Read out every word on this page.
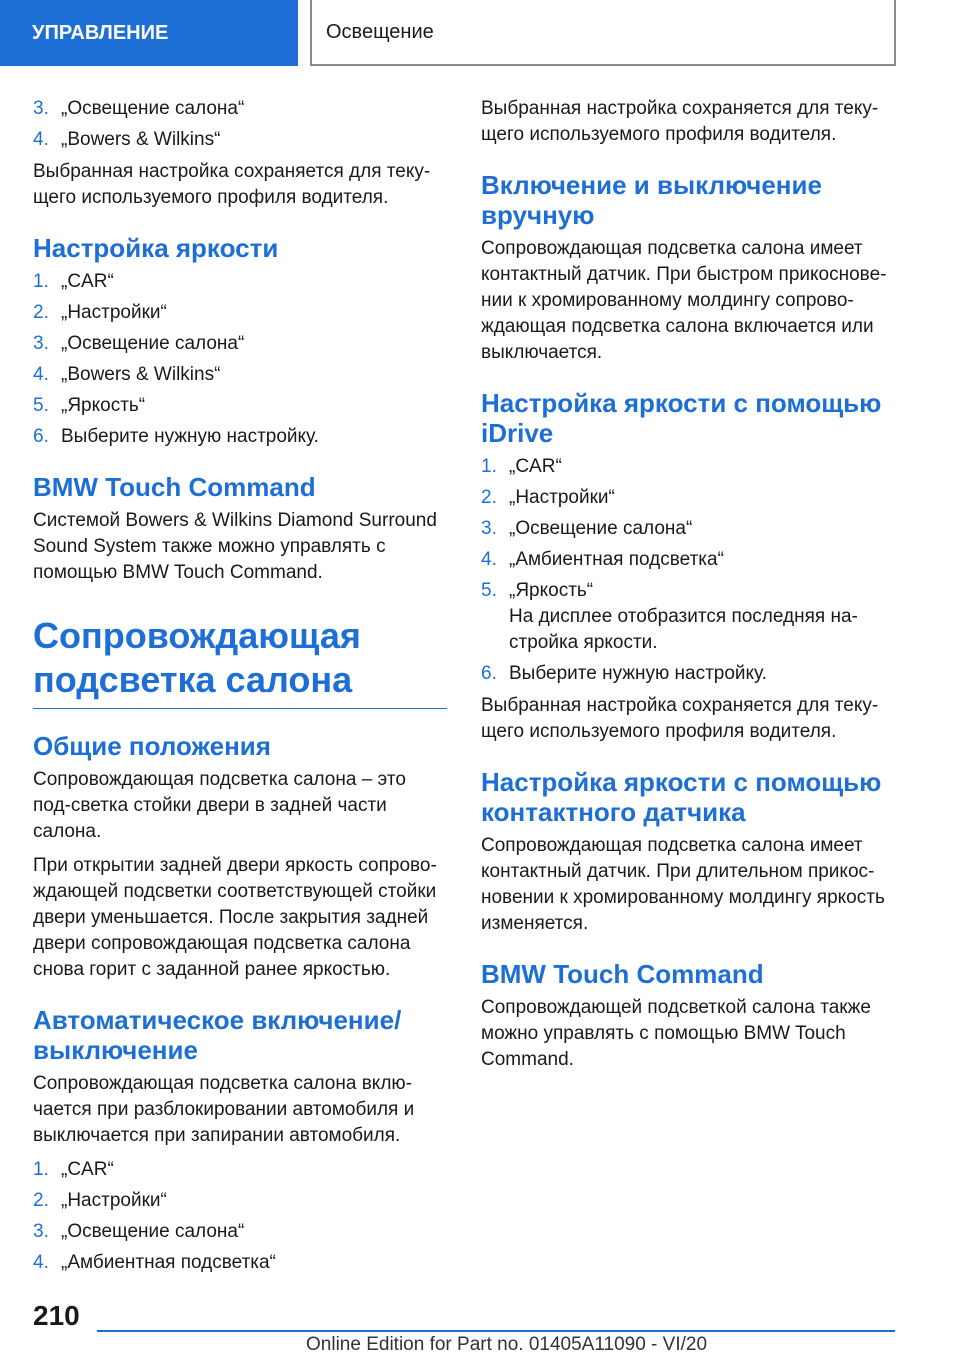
УПРАВЛЕНИЕ	Освещение
3. „Освещение салона“
4. „Bowers & Wilkins“

Выбранная настройка сохраняется для теку-щего используемого профиля водителя.

Настройка яркости
1. „CAR“
2. „Настройки“
3. „Освещение салона“
4. „Bowers & Wilkins“
5. „Яркость“
6. Выберите нужную настройку.
BMW Touch Command

Системой Bowers & Wilkins Diamond Surround Sound System также можно управлять с помощью BMW Touch Command.

Сопровождающая подсветка салона
Общие положения

Сопровождающая подсветка салона – это под-светка стойки двери в задней части салона.

При открытии задней двери яркость сопрово-ждающей подсветки соответствующей стойки двери уменьшается. После закрытия задней двери сопровождающая подсветка салона снова горит с заданной ранее яркостью.

Автоматическое включение/выключение

Сопровождающая подсветка салона вклю-чается при разблокировании автомобиля и выключается при запирании автомобиля.

1. „CAR“
2. „Настройки“
3. „Освещение салона“
4. „Амбиентная подсветка“

Выбранная настройка сохраняется для теку-щего используемого профиля водителя.

Включение и выключение вручную

Сопровождающая подсветка салона имеет контактный датчик. При быстром прикоснове-нии к хромированному молдингу сопрово-ждающая подсветка салона включается или выключается.

Настройка яркости с помощью iDrive
1. „CAR“
2. „Настройки“
3. „Освещение салона“
4. „Амбиентная подсветка“
5. „Яркость“
На дисплее отобразится последняя на-стройка яркости.
6. Выберите нужную настройку.

Выбранная настройка сохраняется для теку-щего используемого профиля водителя.

Настройка яркости с помощью контактного датчика

Сопровождающая подсветка салона имеет контактный датчик. При длительном прикос-новении к хромированному молдингу яркость изменяется.

BMW Touch Command

Сопровождающей подсветкой салона также можно управлять с помощью BMW Touch Command.

210
Online Edition for Part no. 01405A11090 - VI/20
